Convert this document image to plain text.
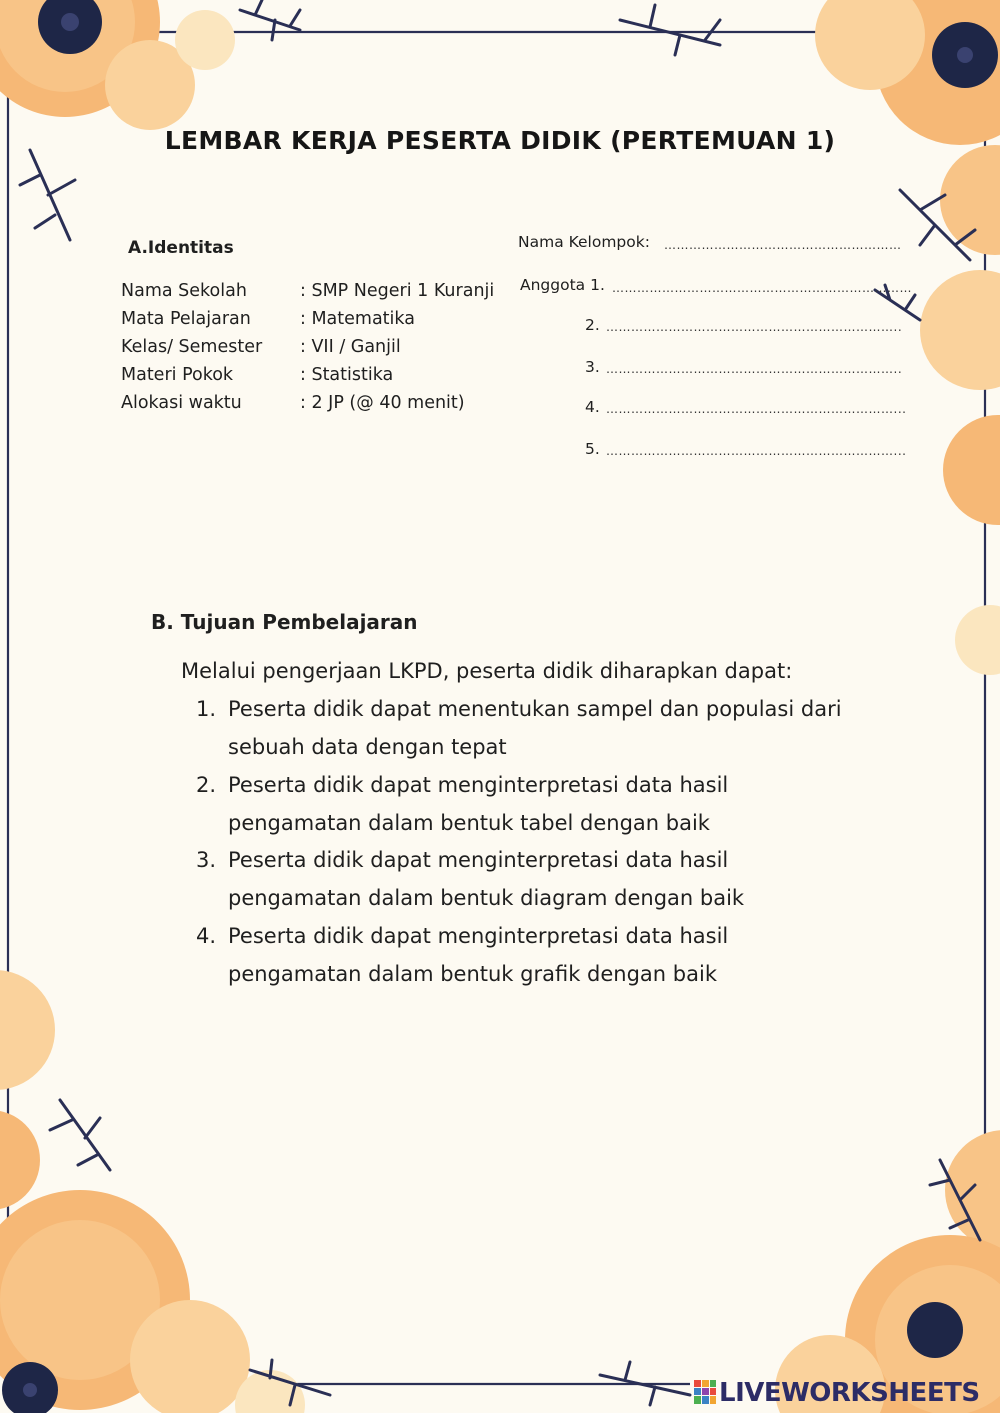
LEMBAR KERJA PESERTA DIDIK (PERTEMUAN 1)
A.Identitas
Nama Sekolah	: SMP Negeri 1 Kuranji
Mata Pelajaran	: Matematika
Kelas/ Semester : VII / Ganjil
Materi Pokok	: Statistika
Alokasi waktu	: 2 JP (@ 40 menit)
Nama Kelompok: …………………………………………………
Anggota 1. ………………………………………………………………
2. ……………………………………………………………..
3. ……………………………………………………………..
4. ……………………………………………………………...
5. ……………………………………………………………...
B. Tujuan Pembelajaran
Melalui pengerjaan LKPD, peserta didik diharapkan dapat:
1. Peserta didik dapat menentukan sampel dan populasi dari
sebuah data dengan tepat
2. Peserta didik dapat menginterpretasi data hasil
pengamatan dalam bentuk tabel dengan baik
3. Peserta didik dapat menginterpretasi data hasil
pengamatan dalam bentuk diagram dengan baik
4. Peserta didik dapat menginterpretasi data hasil
pengamatan dalam bentuk grafik dengan baik
LIVEWORKSHEETS
